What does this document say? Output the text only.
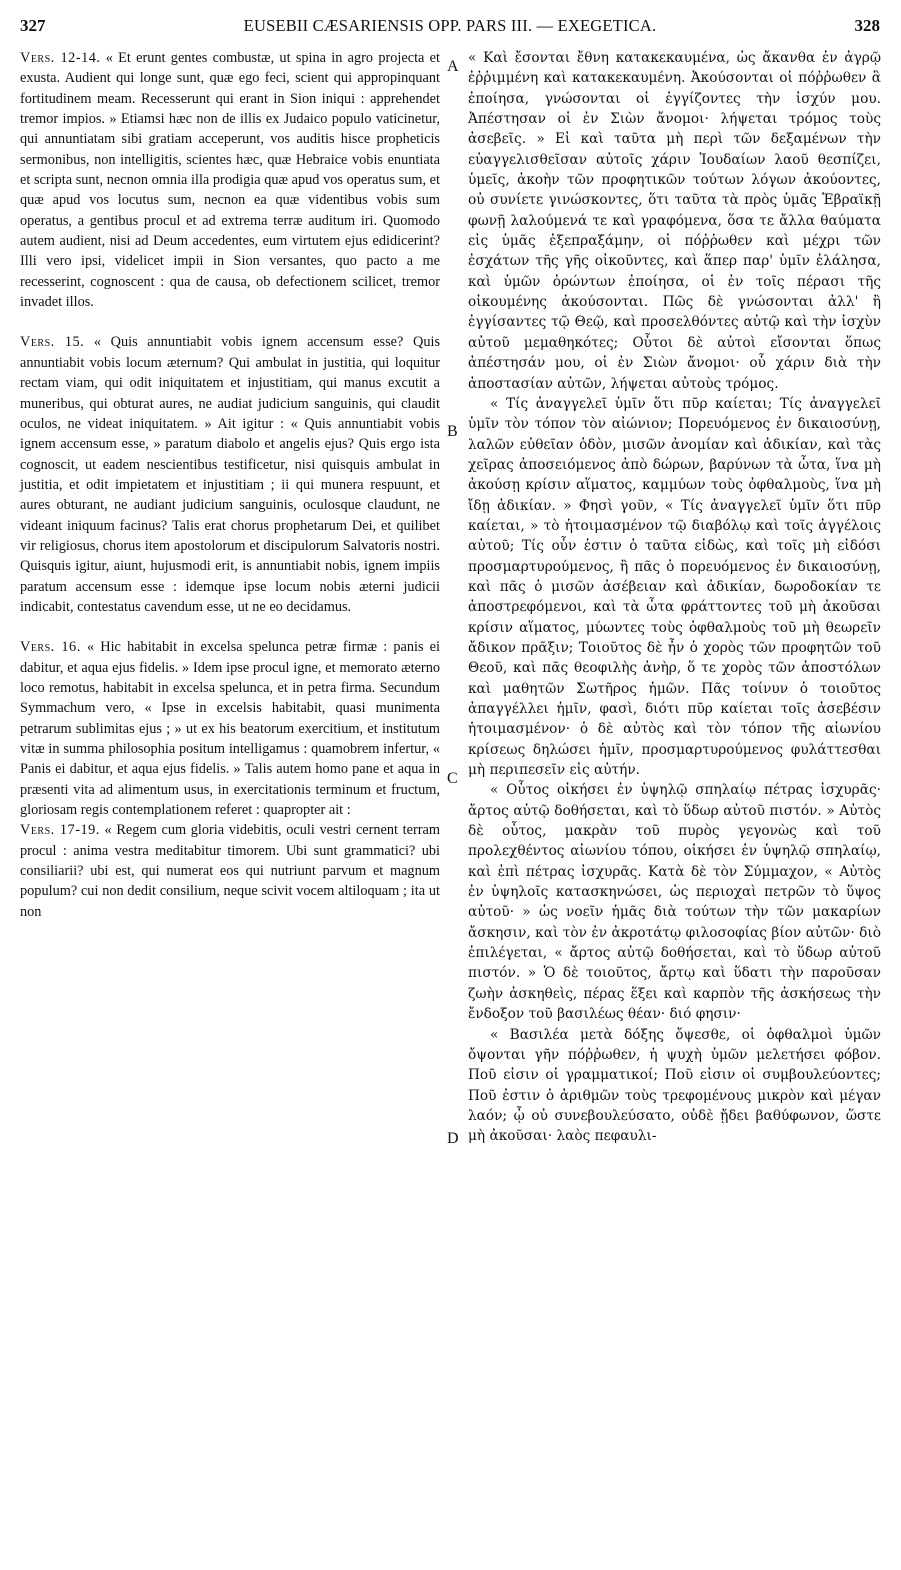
327	EUSEBII CÆSARIENSIS OPP. PARS III. — EXEGETICA.	328

Vers. 12-14. « Et erunt gentes combustæ, ut spina in agro projecta et exusta. Audient qui longe sunt, quæ ego feci, scient qui appropinquant fortitudinem meam. Recesserunt qui erant in Sion iniqui : apprehendet tremor impios. » Etiamsi hæc non de illis ex Judaico populo vaticinetur, qui annuntiatam sibi gratiam acceperunt, vos auditis hisce propheticis sermonibus, non intelligitis, scientes hæc, quæ Hebraice vobis enuntiata et scripta sunt, necnon omnia illa prodigia quæ apud vos operatus sum, et quæ apud vos locutus sum, necnon ea quæ videntibus vobis sum operatus, a gentibus procul et ad extrema terræ auditum iri. Quomodo autem audient, nisi ad Deum accedentes, eum virtutem ejus edidicerint? Illi vero ipsi, videlicet impii in Sion versantes, quo pacto a me recesserint, cognoscent : qua de causa, ob defectionem scilicet, tremor invadet illos.

Vers. 15. « Quis annuntiabit vobis ignem accensum esse? Quis annuntiabit vobis locum æternum? Qui ambulat in justitia, qui loquitur rectam viam, qui odit iniquitatem et injustitiam, qui manus excutit a muneribus, qui obturat aures, ne audiat judicium sanguinis, qui claudit oculos, ne videat iniquitatem. » Ait igitur : « Quis annuntiabit vobis ignem accensum esse, » paratum diabolo et angelis ejus? Quis ergo ista cognoscit, ut eadem nescientibus testificetur, nisi quisquis ambulat in justitia, et odit impietatem et injustitiam ; ii qui munera respuunt, et aures obturant, ne audiant judicium sanguinis, oculosque claudunt, ne videant iniquum facinus? Talis erat chorus prophetarum Dei, et quilibet vir religiosus, chorus item apostolorum et discipulorum Salvatoris nostri. Quisquis igitur, aiunt, hujusmodi erit, is annuntiabit nobis, ignem impiis paratum accensum esse : idemque ipse locum nobis æterni judicii indicabit, contestatus cavendum esse, ut ne eo decidamus.

Vers. 16. « Hic habitabit in excelsa spelunca petræ firmæ : panis ei dabitur, et aqua ejus fidelis. » Idem ipse procul igne, et memorato æterno loco remotus, habitabit in excelsa spelunca, et in petra firma. Secundum Symmachum vero, « Ipse in excelsis habitabit, quasi munimenta petrarum sublimitas ejus ; » ut ex his beatorum exercitium, et institutum vitæ in summa philosophia positum intelligamus : quamobrem infertur, « Panis ei dabitur, et aqua ejus fidelis. » Talis autem homo pane et aqua in præsenti vita ad alimentum usus, in exercitationis terminum et fructum, gloriosam regis contemplationem referet : quapropter ait :

Vers. 17-19. « Regem cum gloria videbitis, oculi vestri cernent terram procul : anima vestra meditabitur timorem. Ubi sunt grammatici? ubi consiliarii? ubi est, qui numerat eos qui nutriunt parvum et magnum populum? cui non dedit consilium, neque scivit vocem altiloquam ; ita ut non

A
B
C
D

« Καὶ ἔσονται ἔθνη κατακεκαυμένα, ὡς ἄκανθα ἐν ἀγρῷ ἐῤῥιμμένη καὶ κατακεκαυμένη. Ἀκούσονται οἱ πόῤῥωθεν ἃ ἐποίησα, γνώσονται οἱ ἐγγίζοντες τὴν ἰσχύν μου. Ἀπέστησαν οἱ ἐν Σιὼν ἄνομοι· λήψεται τρόμος τοὺς ἀσεβεῖς. » Εἰ καὶ ταῦτα μὴ περὶ τῶν δεξαμένων τὴν εὐαγγελισθεῖσαν αὐτοῖς χάριν Ἰουδαίων λαοῦ θεσπίζει, ὑμεῖς, ἀκοὴν τῶν προφητικῶν τούτων λόγων ἀκούοντες, οὐ συνίετε γινώσκοντες, ὅτι ταῦτα τὰ πρὸς ὑμᾶς Ἑβραϊκῇ φωνῇ λαλούμενά τε καὶ γραφόμενα, ὅσα τε ἄλλα θαύματα εἰς ὑμᾶς ἐξεπραξάμην, οἱ πόῤῥωθεν καὶ μέχρι τῶν ἐσχάτων τῆς γῆς οἰκοῦντες, καὶ ἅπερ παρ' ὑμῖν ἐλάλησα, καὶ ὑμῶν ὁρώντων ἐποίησα, οἱ ἐν τοῖς πέρασι τῆς οἰκουμένης ἀκούσονται. Πῶς δὲ γνώσονται ἀλλ' ἢ ἐγγίσαντες τῷ Θεῷ, καὶ προσελθόντες αὐτῷ καὶ τὴν ἰσχὺν αὐτοῦ μεμαθηκότες; Οὗτοι δὲ αὐτοὶ εἴσονται ὅπως ἀπέστησάν μου, οἱ ἐν Σιὼν ἄνομοι· οὗ χάριν διὰ τὴν ἀποστασίαν αὐτῶν, λήψεται αὐτοὺς τρόμος.

« Τίς ἀναγγελεῖ ὑμῖν ὅτι πῦρ καίεται; Τίς ἀναγγελεῖ ὑμῖν τὸν τόπον τὸν αἰώνιον; Πορευόμενος ἐν δικαιοσύνῃ, λαλῶν εὐθεῖαν ὁδὸν, μισῶν ἀνομίαν καὶ ἀδικίαν, καὶ τὰς χεῖρας ἀποσειόμενος ἀπὸ δώρων, βαρύνων τὰ ὦτα, ἵνα μὴ ἀκούσῃ κρίσιν αἵματος, καμμύων τοὺς ὀφθαλμοὺς, ἵνα μὴ ἴδῃ ἀδικίαν. » Φησὶ γοῦν, « Τίς ἀναγγελεῖ ὑμῖν ὅτι πῦρ καίεται, » τὸ ἡτοιμασμένον τῷ διαβόλῳ καὶ τοῖς ἀγγέλοις αὐτοῦ; Τίς οὖν ἐστιν ὁ ταῦτα εἰδὼς, καὶ τοῖς μὴ εἰδόσι προσμαρτυρούμενος, ἢ πᾶς ὁ πορευόμενος ἐν δικαιοσύνῃ, καὶ πᾶς ὁ μισῶν ἀσέβειαν καὶ ἀδικίαν, δωροδοκίαν τε ἀποστρεφόμενοι, καὶ τὰ ὦτα φράττοντες τοῦ μὴ ἀκοῦσαι κρίσιν αἵματος, μύωντες τοὺς ὀφθαλμοὺς τοῦ μὴ θεωρεῖν ἄδικον πρᾶξιν; Τοιοῦτος δὲ ἦν ὁ χορὸς τῶν προφητῶν τοῦ Θεοῦ, καὶ πᾶς θεοφιλὴς ἀνὴρ, ὅ τε χορὸς τῶν ἀποστόλων καὶ μαθητῶν Σωτῆρος ἡμῶν. Πᾶς τοίνυν ὁ τοιοῦτος ἀπαγγέλλει ἡμῖν, φασὶ, διότι πῦρ καίεται τοῖς ἀσεβέσιν ἡτοιμασμένον· ὁ δὲ αὐτὸς καὶ τὸν τόπον τῆς αἰωνίου κρίσεως δηλώσει ἡμῖν, προσμαρτυρούμενος φυλάττεσθαι μὴ περιπεσεῖν εἰς αὐτήν.

« Οὗτος οἰκήσει ἐν ὑψηλῷ σπηλαίῳ πέτρας ἰσχυρᾶς· ἄρτος αὐτῷ δοθήσεται, καὶ τὸ ὕδωρ αὐτοῦ πιστόν. » Αὐτὸς δὲ οὗτος, μακρὰν τοῦ πυρὸς γεγονὼς καὶ τοῦ προλεχθέντος αἰωνίου τόπου, οἰκήσει ἐν ὑψηλῷ σπηλαίῳ, καὶ ἐπὶ πέτρας ἰσχυρᾶς. Κατὰ δὲ τὸν Σύμμαχον, « Αὐτὸς ἐν ὑψηλοῖς κατασκηνώσει, ὡς περιοχαὶ πετρῶν τὸ ὕψος αὐτοῦ· » ὡς νοεῖν ἡμᾶς διὰ τούτων τὴν τῶν μακαρίων ἄσκησιν, καὶ τὸν ἐν ἀκροτάτῳ φιλοσοφίας βίον αὐτῶν· διὸ ἐπιλέγεται, « ἄρτος αὐτῷ δοθήσεται, καὶ τὸ ὕδωρ αὐτοῦ πιστόν. » Ὁ δὲ τοιοῦτος, ἄρτῳ καὶ ὕδατι τὴν παροῦσαν ζωὴν ἀσκηθεὶς, πέρας ἕξει καὶ καρπὸν τῆς ἀσκήσεως τὴν ἔνδοξον τοῦ βασιλέως θέαν· διό φησιν·

« Βασιλέα μετὰ δόξης ὄψεσθε, οἱ ὀφθαλμοὶ ὑμῶν ὄψονται γῆν πόῤῥωθεν, ἡ ψυχὴ ὑμῶν μελετήσει φόβον. Ποῦ εἰσιν οἱ γραμματικοί; Ποῦ εἰσιν οἱ συμβουλεύοντες; Ποῦ ἐστιν ὁ ἀριθμῶν τοὺς τρεφομένους μικρὸν καὶ μέγαν λαόν; ᾧ οὐ συνεβουλεύσατο, οὐδὲ ᾔδει βαθύφωνον, ὥστε μὴ ἀκοῦσαι· λαὸς πεφαυλι-
